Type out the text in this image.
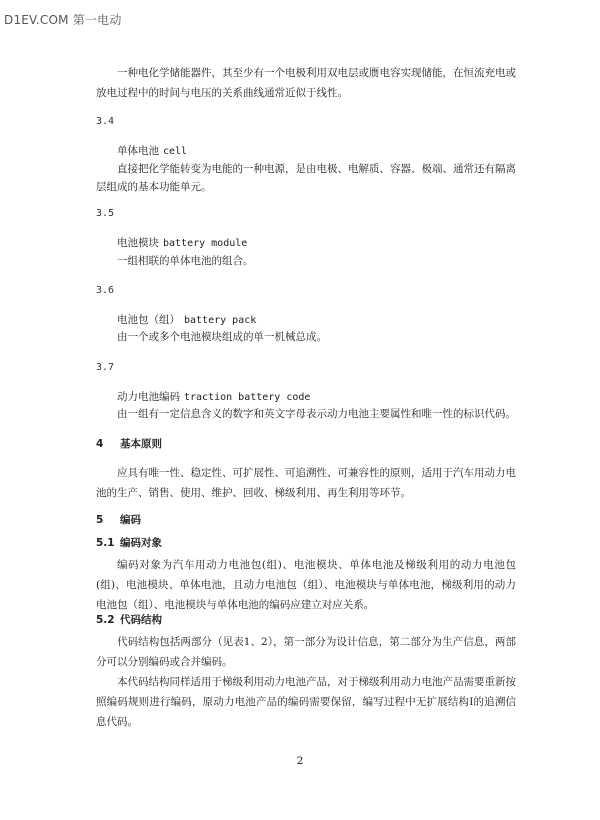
D1EV.COM 第一电动

一种电化学储能器件，其至少有一个电极利用双电层或赝电容实现储能，在恒流充电或放电过程中的时间与电压的关系曲线通常近似于线性。

3.4
单体电池 cell

直接把化学能转变为电能的一种电源，是由电极、电解质、容器、极端、通常还有隔离层组成的基本功能单元。

3.5
电池模块 battery module

一组相联的单体电池的组合。

3.6
电池包（组） battery pack

由一个或多个电池模块组成的单一机械总成。

3.7
动力电池编码 traction battery code

由一组有一定信息含义的数字和英文字母表示动力电池主要属性和唯一性的标识代码。

4 基本原则

应具有唯一性、稳定性、可扩展性、可追溯性、可兼容性的原则，适用于汽车用动力电池的生产、销售、使用、维护、回收、梯级利用、再生利用等环节。

5 编码
5.1 编码对象

编码对象为汽车用动力电池包(组)、电池模块、单体电池及梯级利用的动力电池包(组)、电池模块、单体电池，且动力电池包（组）、电池模块与单体电池，梯级利用的动力电池包（组）、电池模块与单体电池的编码应建立对应关系。

5.2 代码结构

代码结构包括两部分（见表1、2），第一部分为设计信息，第二部分为生产信息，两部分可以分别编码或合并编码。

本代码结构同样适用于梯级利用动力电池产品，对于梯级利用动力电池产品需要重新按照编码规则进行编码，原动力电池产品的编码需要保留，编写过程中无扩展结构I的追溯信息代码。

2
